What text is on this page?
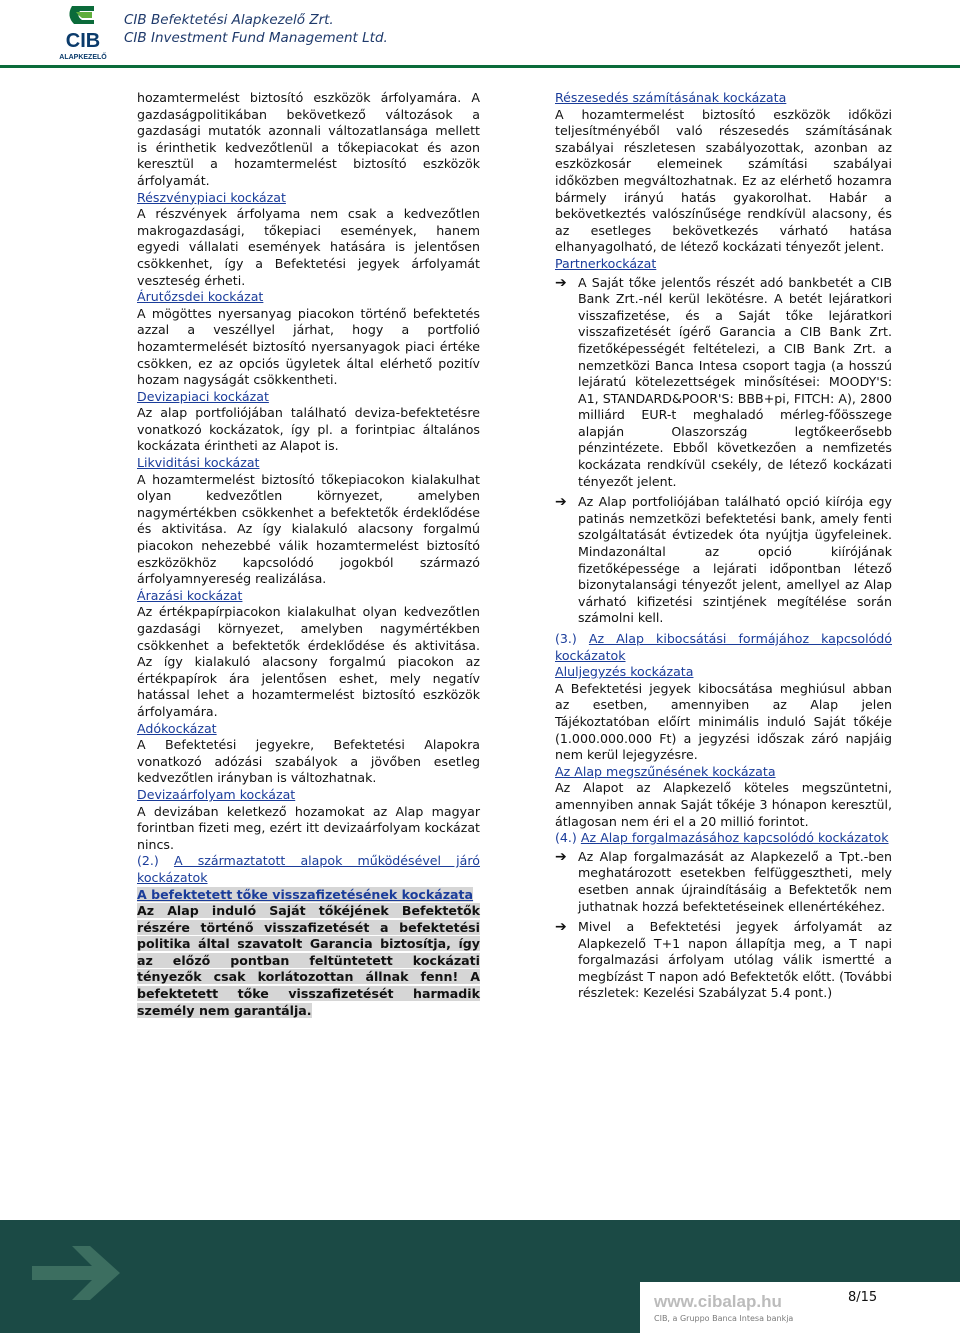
CIB
ALAPKEZELŐ
CIB Befektetési Alapkezelő Zrt.
CIB Investment Fund Management Ltd.

hozamtermelést biztosító eszközök árfolyamára. A gazdaságpolitikában bekövetkező változások a gazdasági mutatók azonnali változatlansága mellett is érinthetik kedvezőtlenül a tőkepiacokat és azon keresztül a hozamtermelést biztosító eszközök árfolyamát.

Részvénypiaci kockázat

A részvények árfolyama nem csak a kedvezőtlen makrogazdasági, tőkepiaci események, hanem egyedi vállalati események hatására is jelentősen csökkenhet, így a Befektetési jegyek árfolyamát veszteség érheti.

Árutőzsdei kockázat

A mögöttes nyersanyag piacokon történő befektetés azzal a veszéllyel járhat, hogy a portfolió hozamtermelését biztosító nyersanyagok piaci értéke csökken, ez az opciós ügyletek által elérhető pozitív hozam nagyságát csökkentheti.

Devizapiaci kockázat

Az alap portfoliójában található deviza-befektetésre vonatkozó kockázatok, így pl. a forintpiac általános kockázata érintheti az Alapot is.

Likviditási kockázat

A hozamtermelést biztosító tőkepiacokon kialakulhat olyan kedvezőtlen környezet, amelyben nagymértékben csökkenhet a befektetők érdeklődése és aktivitása. Az így kialakuló alacsony forgalmú piacokon nehezebbé válik hozamtermelést biztosító eszközökhöz kapcsolódó jogokból származó árfolyamnyereség realizálása.

Árazási kockázat

Az értékpapírpiacokon kialakulhat olyan kedvezőtlen gazdasági környezet, amelyben nagymértékben csökkenhet a befektetők érdeklődése és aktivitása. Az így kialakuló alacsony forgalmú piacokon az értékpapírok ára jelentősen eshet, mely negatív hatással lehet a hozamtermelést biztosító eszközök árfolyamára.

Adókockázat

A Befektetési jegyekre, Befektetési Alapokra vonatkozó adózási szabályok a jövőben esetleg kedvezőtlen irányban is változhatnak.

Devizaárfolyam kockázat

A devizában keletkező hozamokat az Alap magyar forintban fizeti meg, ezért itt devizaárfolyam kockázat nincs.

(2.) A származtatott alapok működésével járó kockázatok

A befektetett tőke visszafizetésének kockázata

Az Alap induló Saját tőkéjének Befektetők részére történő visszafizetését a befektetési politika által szavatolt Garancia biztosítja, így az előző pontban feltüntetett kockázati tényezők csak korlátozottan állnak fenn! A befektetett tőke visszafizetését harmadik személy nem garantálja.

Részesedés számításának kockázata

A hozamtermelést biztosító eszközök időközi teljesítményéből való részesedés számításának szabályai részletesen szabályozottak, azonban az eszközkosár elemeinek számítási szabályai időközben megváltozhatnak. Ez az elérhető hozamra bármely irányú hatás gyakorolhat. Habár a bekövetkeztés valószínűsége rendkívül alacsony, és az esetleges bekövetkezés várható hatása elhanyagolható, de létező kockázati tényezőt jelent.

Partnerkockázat

➔ A Saját tőke jelentős részét adó bankbetét a CIB Bank Zrt.-nél kerül lekötésre. A betét lejáratkori visszafizetése, és a Saját tőke lejáratkori visszafizetését ígérő Garancia a CIB Bank Zrt. fizetőképességét feltételezi, a CIB Bank Zrt. a nemzetközi Banca Intesa csoport tagja (a hosszú lejáratú kötelezettségek minősítései: MOODY'S: A1, STANDARD&POOR'S: BBB+pi, FITCH: A), 2800 milliárd EUR-t meghaladó mérleg-főösszege alapján Olaszország legtőkeerősebb pénzintézete. Ebből következően a nemfizetés kockázata rendkívül csekély, de létező kockázati tényezőt jelent.

➔ Az Alap portfoliójában található opció kiírója egy patinás nemzetközi befektetési bank, amely fenti szolgáltatását évtizedek óta nyújtja ügyfeleinek. Mindazonáltal az opció kiírójának fizetőképessége a lejárati időpontban létező bizonytalansági tényezőt jelent, amellyel az Alap várható kifizetési szintjének megítélése során számolni kell.

(3.) Az Alap kibocsátási formájához kapcsolódó kockázatok

Aluljegyzés kockázata

A Befektetési jegyek kibocsátása meghiúsul abban az esetben, amennyiben az Alap jelen Tájékoztatóban előírt minimális induló Saját tőkéje (1.000.000.000 Ft) a jegyzési időszak záró napjáig nem kerül lejegyzésre.

Az Alap megszűnésének kockázata

Az Alapot az Alapkezelő köteles megszüntetni, amennyiben annak Saját tőkéje 3 hónapon keresztül, átlagosan nem éri el a 20 millió forintot.

(4.) Az Alap forgalmazásához kapcsolódó kockázatok

➔ Az Alap forgalmazását az Alapkezelő a Tpt.-ben meghatározott esetekben felfüggesztheti, mely esetben annak újraindításáig a Befektetők nem juthatnak hozzá befektetéseinek ellenértékéhez.

➔ Mivel a Befektetési jegyek árfolyamát az Alapkezelő T+1 napon állapítja meg, a T napi forgalmazási árfolyam utólag válik ismertté a megbízást T napon adó Befektetők előtt. (További részletek: Kezelési Szabályzat 5.4 pont.)

www.cibalap.hu
CIB, a Gruppo Banca Intesa bankja
8/15
